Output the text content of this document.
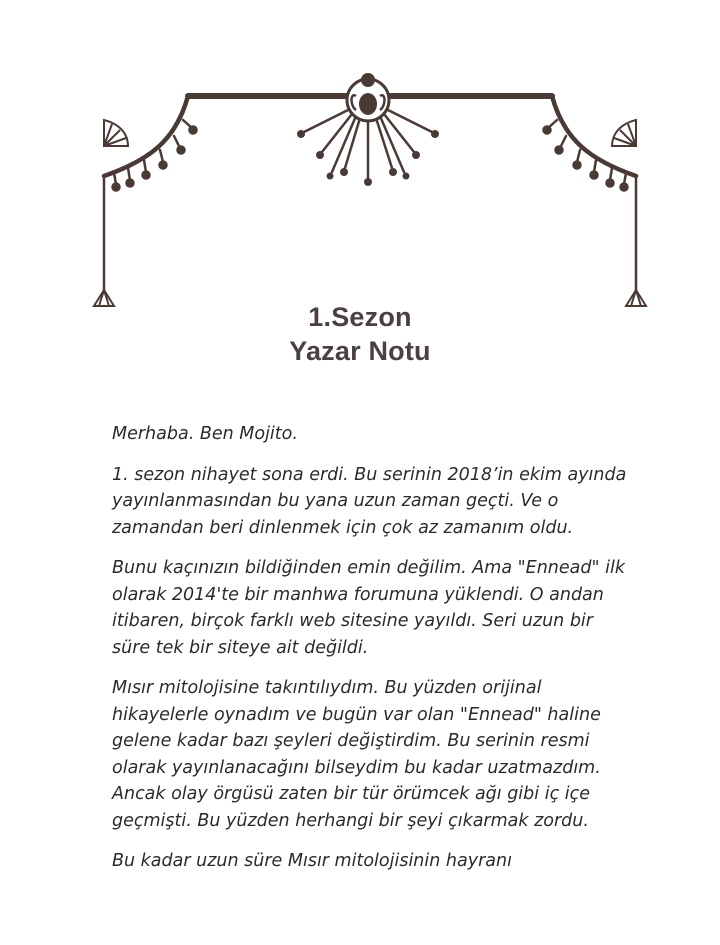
1.Sezon
Yazar Notu

Merhaba. Ben Mojito.

1. sezon nihayet sona erdi. Bu serinin 2018’in ekim ayında yayınlanmasından bu yana uzun zaman geçti. Ve o zamandan beri dinlenmek için çok az zamanım oldu.

Bunu kaçınızın bildiğinden emin değilim. Ama "Ennead" ilk olarak 2014'te bir manhwa forumuna yüklendi. O andan itibaren, birçok farklı web sitesine yayıldı. Seri uzun bir süre tek bir siteye ait değildi.

Mısır mitolojisine takıntılıydım. Bu yüzden orijinal hikayelerle oynadım ve bugün var olan "Ennead" haline gelene kadar bazı şeyleri değiştirdim. Bu serinin resmi olarak yayınlanacağını bilseydim bu kadar uzatmazdım. Ancak olay örgüsü zaten bir tür örümcek ağı gibi iç içe geçmişti. Bu yüzden herhangi bir şeyi çıkarmak zordu.

Bu kadar uzun süre Mısır mitolojisinin hayranı
